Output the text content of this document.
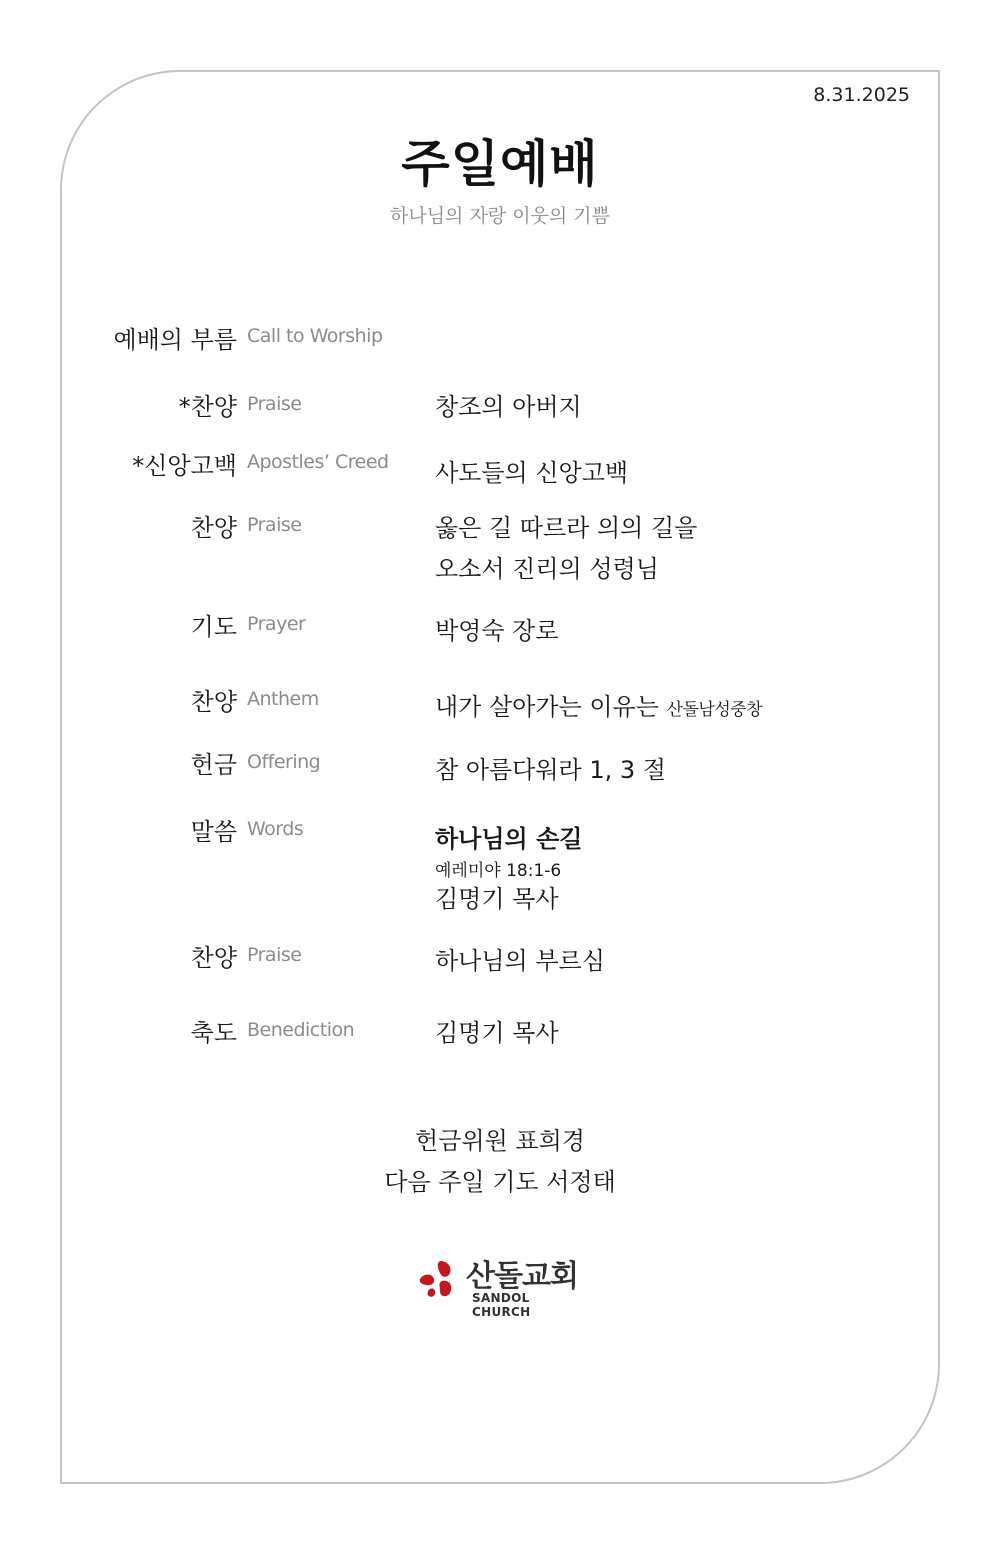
8.31.2025
주일예배
하나님의 자랑 이웃의 기쁨
예배의 부름 Call to Worship
*찬양 Praise	창조의 아버지
*신앙고백 Apostles’ Creed 사도들의 신앙고백
찬양 Praise	옳은 길 따르라 의의 길을
오소서 진리의 성령님
기도 Prayer	박영숙 장로
찬양 Anthem	내가 살아가는 이유는 산돌남성중창
헌금 Offering	참 아름다워라 1, 3 절
말씀 Words	하나님의 손길
예레미야 18:1-6
김명기 목사
찬양 Praise	하나님의 부르심
축도 Benediction	김명기 목사
헌금위원 표희경
다음 주일 기도 서정태
산돌교회
SANDOL CHURCH
